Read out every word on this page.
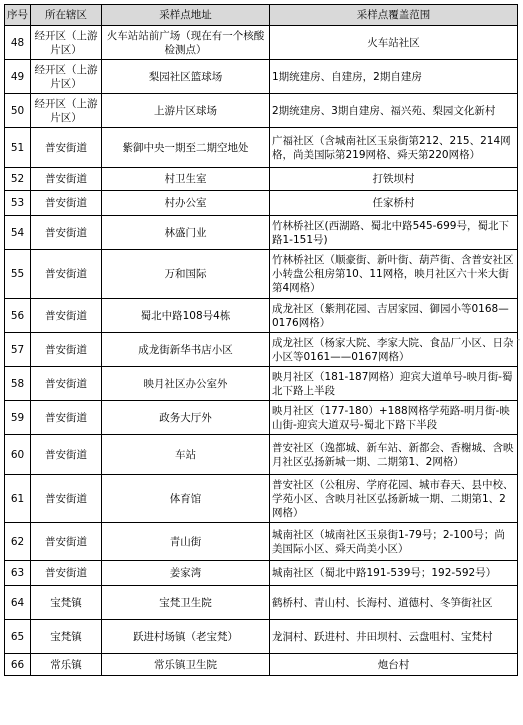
序号	所在辖区	采样点地址	采样点覆盖范围
48	经开区（上游片区）	火车站站前广场（现在有一个核酸检测点）	火车站社区
49	经开区（上游片区）	梨园社区篮球场	1期统建房、自建房，2期自建房
50	经开区（上游片区）	上游片区球场	2期统建房、3期自建房、福兴苑、梨园文化新村
51	普安街道	紫御中央一期至二期空地处	广福社区（含城南社区玉泉街第212、215、214网格，尚美国际第219网格、舜天第220网格）
52	普安街道	村卫生室	打铁坝村
53	普安街道	村办公室	任家桥村
54	普安街道	林盛门业	竹林桥社区(西湖路、蜀北中路545-699号，蜀北下路1-151号)
55	普安街道	万和国际	竹林桥社区（顺豪街、新叶街、葫芦街、含普安社区小转盘公租房第10、11网格，映月社区六十米大街第4网格）
56	普安街道	蜀北中路108号4栋	成龙社区（紫荆花园、吉居家园、御园小等0168—0176网格）
57	普安街道	成龙街新华书店小区	成龙社区（杨家大院、李家大院、食品厂小区、日杂小区等0161——0167网格）
58	普安街道	映月社区办公室外	映月社区（181-187网格）迎宾大道单号-映月街-蜀北下路上半段
59	普安街道	政务大厅外	映月社区（177-180）+188网格学苑路-明月街-映山街-迎宾大道双号-蜀北下路下半段
60	普安街道	车站	普安社区（逸都城、新车站、新都会、香榭城、含映月社区弘扬新城一期、二期第1、2网格）
61	普安街道	体育馆	普安社区（公租房、学府花园、城市春天、县中校、学苑小区、含映月社区弘扬新城一期、二期第1、2网格）
62	普安街道	青山街	城南社区（城南社区玉泉街1-79号；2-100号；尚美国际小区、舜天尚美小区）
63	普安街道	姜家湾	城南社区（蜀北中路191-539号；192-592号）
64	宝梵镇	宝梵卫生院	鹤桥村、青山村、长海村、道德村、冬笋街社区
65	宝梵镇	跃进村场镇（老宝梵）	龙洞村、跃进村、井田坝村、云盘咀村、宝梵村
66	常乐镇	常乐镇卫生院	炮台村
-
